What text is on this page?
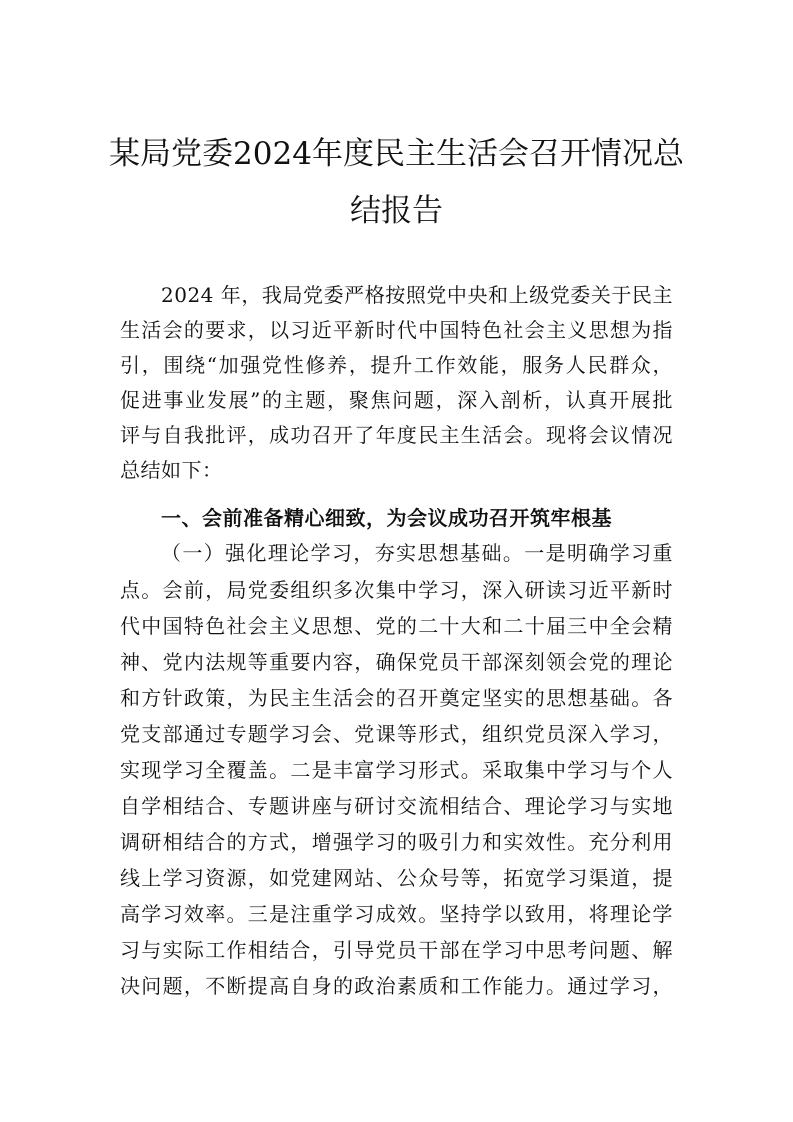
某局党委2024年度民主生活会召开情况总
结报告
2024 年，我局党委严格按照党中央和上级党委关于民主
生活会的要求，以习近平新时代中国特色社会主义思想为指
引，围绕“加强党性修养，提升工作效能，服务人民群众，
促进事业发展”的主题，聚焦问题，深入剖析，认真开展批
评与自我批评，成功召开了年度民主生活会。现将会议情况
总结如下：
一、会前准备精心细致，为会议成功召开筑牢根基
（一）强化理论学习，夯实思想基础。一是明确学习重
点。会前，局党委组织多次集中学习，深入研读习近平新时
代中国特色社会主义思想、党的二十大和二十届三中全会精
神、党内法规等重要内容，确保党员干部深刻领会党的理论
和方针政策，为民主生活会的召开奠定坚实的思想基础。各
党支部通过专题学习会、党课等形式，组织党员深入学习，
实现学习全覆盖。二是丰富学习形式。采取集中学习与个人
自学相结合、专题讲座与研讨交流相结合、理论学习与实地
调研相结合的方式，增强学习的吸引力和实效性。充分利用
线上学习资源，如党建网站、公众号等，拓宽学习渠道，提
高学习效率。三是注重学习成效。坚持学以致用，将理论学
习与实际工作相结合，引导党员干部在学习中思考问题、解
决问题，不断提高自身的政治素质和工作能力。通过学习，
